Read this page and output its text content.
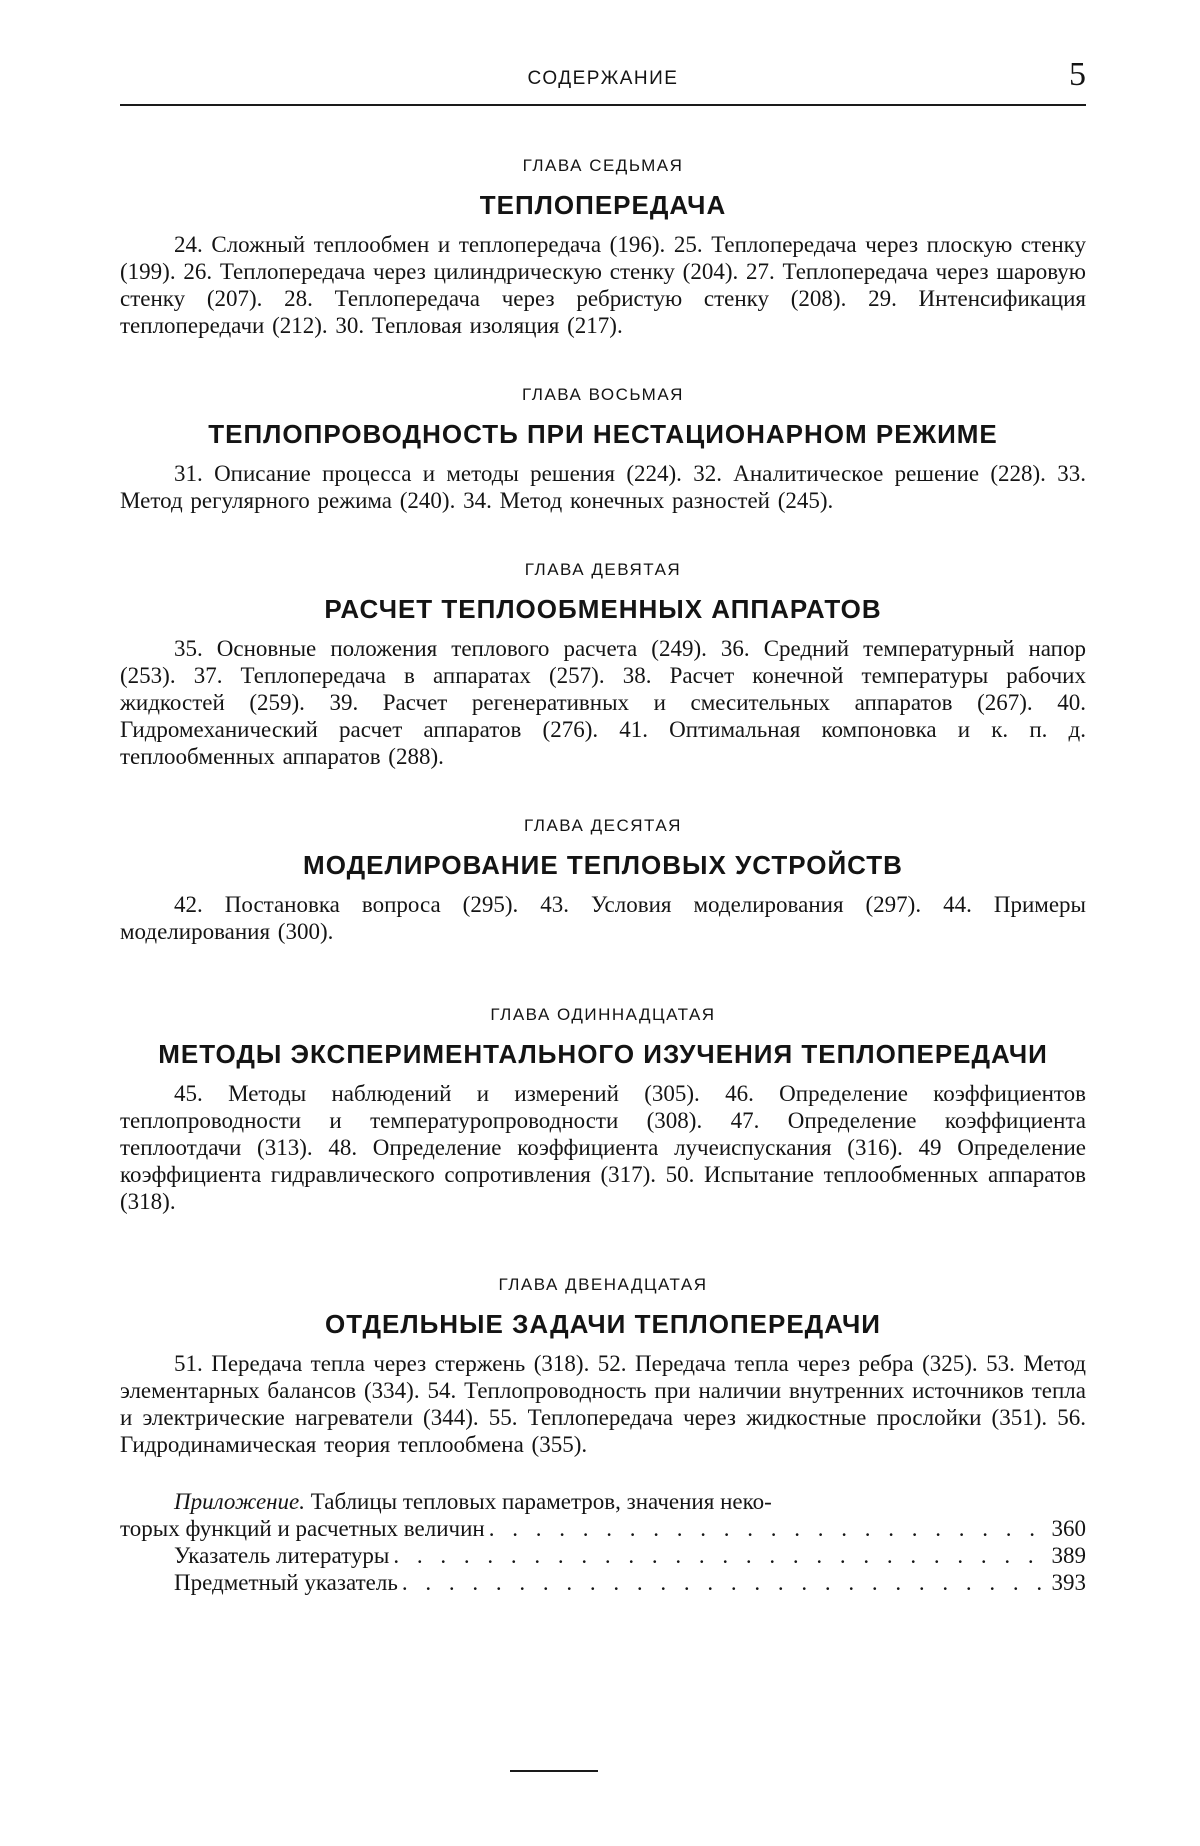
СОДЕРЖАНИЕ	5
ГЛАВА СЕДЬМАЯ
ТЕПЛОПЕРЕДАЧА
24. Сложный теплообмен и теплопередача (196). 25. Теплопередача через плоскую стенку (199). 26. Теплопередача через цилиндрическую стенку (204). 27. Теплопередача через шаровую стенку (207). 28. Теплопередача через ребристую стенку (208). 29. Интенсификация теплопередачи (212). 30. Тепловая изоляция (217).
ГЛАВА ВОСЬМАЯ
ТЕПЛОПРОВОДНОСТЬ ПРИ НЕСТАЦИОНАРНОМ РЕЖИМЕ
31. Описание процесса и методы решения (224). 32. Аналитическое решение (228). 33. Метод регулярного режима (240). 34. Метод конечных разностей (245).
ГЛАВА ДЕВЯТАЯ
РАСЧЕТ ТЕПЛООБМЕННЫХ АППАРАТОВ
35. Основные положения теплового расчета (249). 36. Средний температурный напор (253). 37. Теплопередача в аппаратах (257). 38. Расчет конечной температуры рабочих жидкостей (259). 39. Расчет регенеративных и смесительных аппаратов (267). 40. Гидромеханический расчет аппаратов (276). 41. Оптимальная компоновка и к. п. д. теплообменных аппаратов (288).
ГЛАВА ДЕСЯТАЯ
МОДЕЛИРОВАНИЕ ТЕПЛОВЫХ УСТРОЙСТВ
42. Постановка вопроса (295). 43. Условия моделирования (297). 44. Примеры моделирования (300).
ГЛАВА ОДИННАДЦАТАЯ
МЕТОДЫ ЭКСПЕРИМЕНТАЛЬНОГО ИЗУЧЕНИЯ ТЕПЛОПЕРЕДАЧИ
45. Методы наблюдений и измерений (305). 46. Определение коэффициентов теплопроводности и температуропроводности (308). 47. Определение коэффициента теплоотдачи (313). 48. Определение коэффициента лучеиспускания (316). 49 Определение коэффициента гидравлического сопротивления (317). 50. Испытание теплообменных аппаратов (318).
ГЛАВА ДВЕНАДЦАТАЯ
ОТДЕЛЬНЫЕ ЗАДАЧИ ТЕПЛОПЕРЕДАЧИ
51. Передача тепла через стержень (318). 52. Передача тепла через ребра (325). 53. Метод элементарных балансов (334). 54. Теплопроводность при наличии внутренних источников тепла и электрические нагреватели (344). 55. Теплопередача через жидкостные прослойки (351). 56. Гидродинамическая теория теплообмена (355).
Приложение. Таблицы тепловых параметров, значения неко-
торых функций и расчетных величин . . .	360
Указатель литературы . . .	389
Предметный указатель . . .	393
